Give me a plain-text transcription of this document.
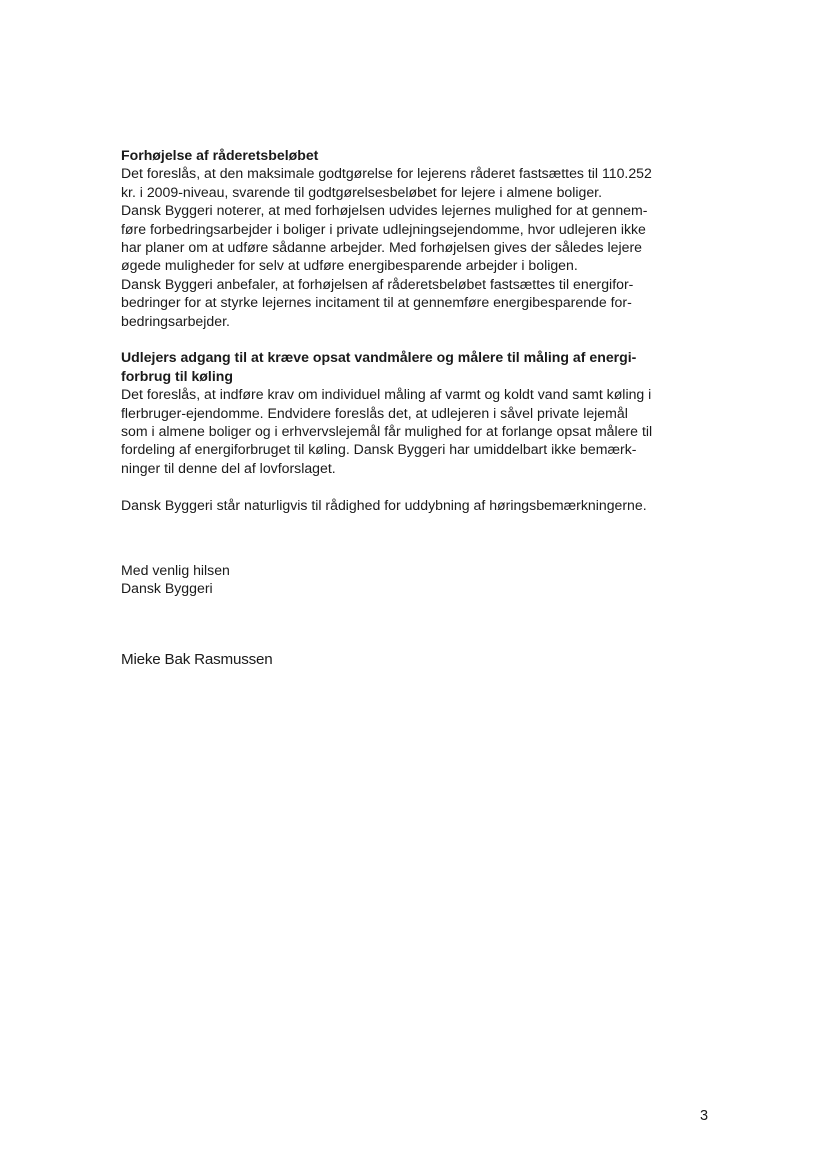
Forhøjelse af råderetsbeløbet

Det foreslås, at den maksimale godtgørelse for lejerens råderet fastsættes til 110.252

kr. i 2009-niveau, svarende til godtgørelsesbeløbet for lejere i almene boliger.

Dansk Byggeri noterer, at med forhøjelsen udvides lejernes mulighed for at gennem-

føre forbedringsarbejder i boliger i private udlejningsejendomme, hvor udlejeren ikke

har planer om at udføre sådanne arbejder. Med forhøjelsen gives der således lejere

øgede muligheder for selv at udføre energibesparende arbejder i boligen.

Dansk Byggeri anbefaler, at forhøjelsen af råderetsbeløbet fastsættes til energifor-

bedringer for at styrke lejernes incitament til at gennemføre energibesparende for-

bedringsarbejder.

Udlejers adgang til at kræve opsat vandmålere og målere til måling af energi-

forbrug til køling

Det foreslås, at indføre krav om individuel måling af varmt og koldt vand samt køling i

flerbruger-ejendomme. Endvidere foreslås det, at udlejeren i såvel private lejemål

som i almene boliger og i erhvervslejemål får mulighed for at forlange opsat målere til

fordeling af energiforbruget til køling. Dansk Byggeri har umiddelbart ikke bemærk-

ninger til denne del af lovforslaget.

Dansk Byggeri står naturligvis til rådighed for uddybning af høringsbemærkningerne.

Med venlig hilsen

Dansk Byggeri

Mieke Bak Rasmussen
3
